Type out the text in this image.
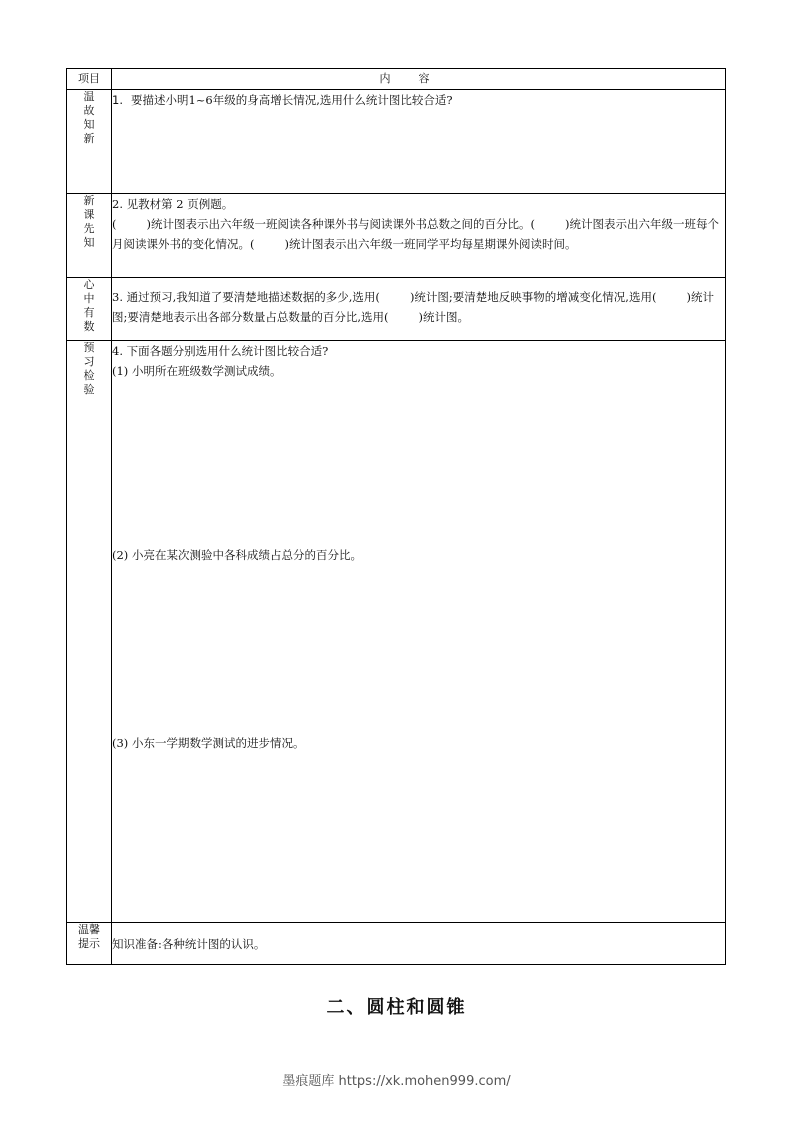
项目	内容
温故知新	1. 要描述小明1~6年级的身高增长情况,选用什么统计图比较合适?
新课先知	2. 见教材第 2 页例题。
( )统计图表示出六年级一班阅读各种课外书与阅读课外书总数之间的百分比。( )统计图表示出六年级一班每个月阅读课外书的变化情况。( )统计图表示出六年级一班同学平均每星期课外阅读时间。
心中有数	3. 通过预习,我知道了要清楚地描述数据的多少,选用( )统计图;要清楚地反映事物的增减变化情况,选用( )统计图;要清楚地表示出各部分数量占总数量的百分比,选用( )统计图。
预习检验	4. 下面各题分别选用什么统计图比较合适?
(1) 小明所在班级数学测试成绩。
(2) 小亮在某次测验中各科成绩占总分的百分比。
(3) 小东一学期数学测试的进步情况。

温馨提示	知识准备:各种统计图的认识。
二、圆柱和圆锥
墨痕题库 https://xk.mohen999.com/
